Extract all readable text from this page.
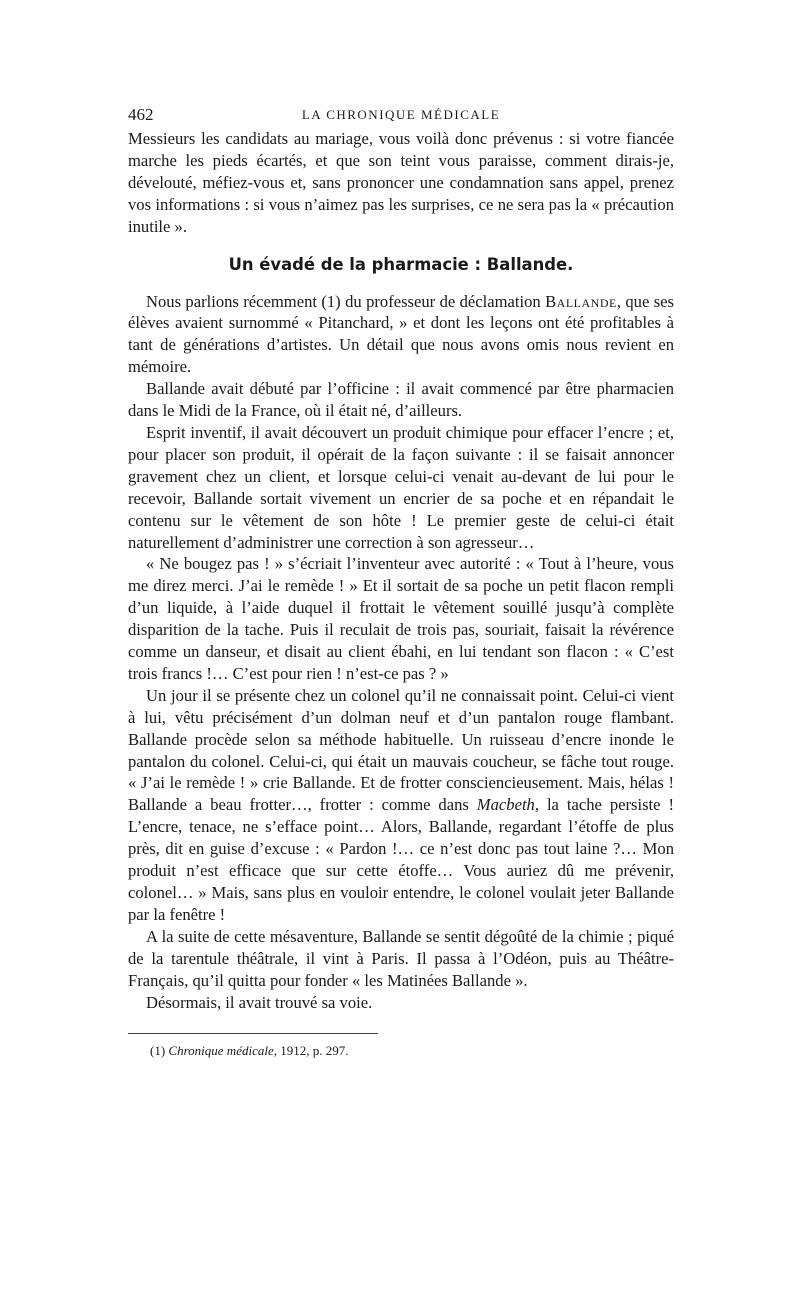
462	LA CHRONIQUE MÉDICALE

Messieurs les candidats au mariage, vous voilà donc prévenus : si votre fiancée marche les pieds écartés, et que son teint vous paraisse, comment dirais-je, dévelouté, méfiez-vous et, sans prononcer une condamnation sans appel, prenez vos informations : si vous n’aimez pas les surprises, ce ne sera pas la « précaution inutile ».

Un évadé de la pharmacie : Ballande.

Nous parlions récemment (1) du professeur de déclamation Ballande, que ses élèves avaient surnommé « Pitanchard, » et dont les leçons ont été profitables à tant de générations d’artistes. Un détail que nous avons omis nous revient en mémoire.

Ballande avait débuté par l’officine : il avait commencé par être pharmacien dans le Midi de la France, où il était né, d’ailleurs.

Esprit inventif, il avait découvert un produit chimique pour effacer l’encre ; et, pour placer son produit, il opérait de la façon suivante : il se faisait annoncer gravement chez un client, et lorsque celui-ci venait au-devant de lui pour le recevoir, Ballande sortait vivement un encrier de sa poche et en répandait le contenu sur le vêtement de son hôte ! Le premier geste de celui-ci était naturellement d’administrer une correction à son agresseur…

« Ne bougez pas ! » s’écriait l’inventeur avec autorité : « Tout à l’heure, vous me direz merci. J’ai le remède ! » Et il sortait de sa poche un petit flacon rempli d’un liquide, à l’aide duquel il frottait le vêtement souillé jusqu’à complète disparition de la tache. Puis il reculait de trois pas, souriait, faisait la révérence comme un danseur, et disait au client ébahi, en lui tendant son flacon : « C’est trois francs !… C’est pour rien ! n’est-ce pas ? »

Un jour il se présente chez un colonel qu’il ne connaissait point. Celui-ci vient à lui, vêtu précisément d’un dolman neuf et d’un pantalon rouge flambant. Ballande procède selon sa méthode habituelle. Un ruisseau d’encre inonde le pantalon du colonel. Celui-ci, qui était un mauvais coucheur, se fâche tout rouge. « J’ai le remède ! » crie Ballande. Et de frotter consciencieusement. Mais, hélas ! Ballande a beau frotter…, frotter : comme dans Macbeth, la tache persiste ! L’encre, tenace, ne s’efface point… Alors, Ballande, regardant l’étoffe de plus près, dit en guise d’excuse : « Pardon !… ce n’est donc pas tout laine ?… Mon produit n’est efficace que sur cette étoffe… Vous auriez dû me prévenir, colonel… » Mais, sans plus en vouloir entendre, le colonel voulait jeter Ballande par la fenêtre !

A la suite de cette mésaventure, Ballande se sentit dégoûté de la chimie ; piqué de la tarentule théâtrale, il vint à Paris. Il passa à l’Odéon, puis au Théâtre-Français, qu’il quitta pour fonder « les Matinées Ballande ».

Désormais, il avait trouvé sa voie.

(1) Chronique médicale, 1912, p. 297.
